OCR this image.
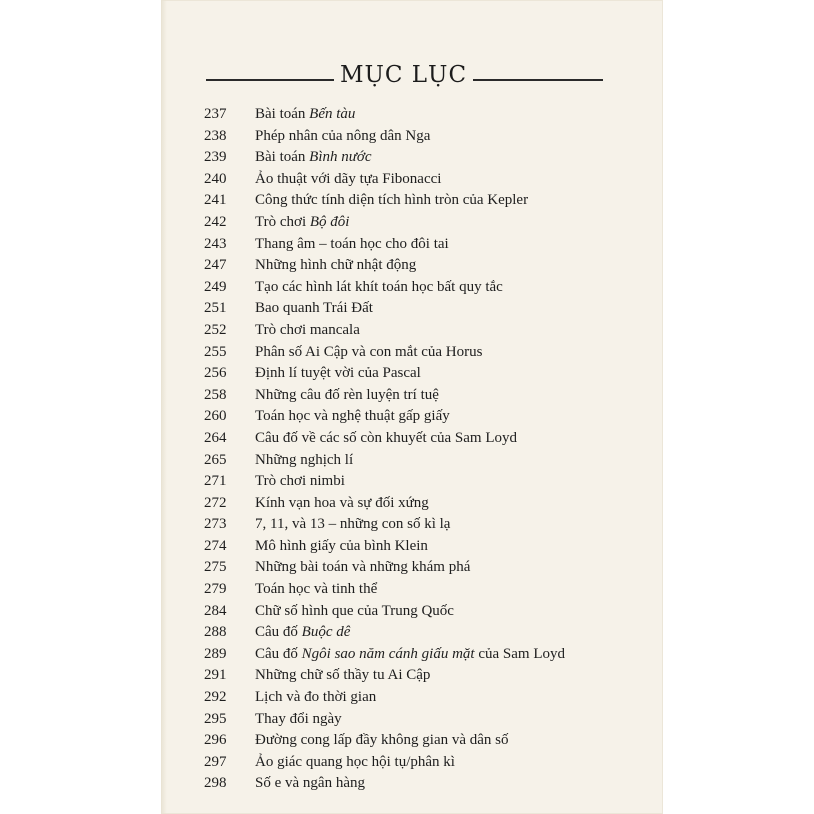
MỤC LỤC
237 Bài toán Bến tàu
238 Phép nhân của nông dân Nga
239 Bài toán Bình nước
240 Ảo thuật với dãy tựa Fibonacci
241 Công thức tính diện tích hình tròn của Kepler
242 Trò chơi Bộ đôi
243 Thang âm – toán học cho đôi tai
247 Những hình chữ nhật động
249 Tạo các hình lát khít toán học bất quy tắc
251 Bao quanh Trái Đất
252 Trò chơi mancala
255 Phân số Ai Cập và con mắt của Horus
256 Định lí tuyệt vời của Pascal
258 Những câu đố rèn luyện trí tuệ
260 Toán học và nghệ thuật gấp giấy
264 Câu đố về các số còn khuyết của Sam Loyd
265 Những nghịch lí
271 Trò chơi nimbi
272 Kính vạn hoa và sự đối xứng
273 7, 11, và 13 – những con số kì lạ
274 Mô hình giấy của bình Klein
275 Những bài toán và những khám phá
279 Toán học và tinh thể
284 Chữ số hình que của Trung Quốc
288 Câu đố Buộc dê
289 Câu đố Ngôi sao năm cánh giấu mặt của Sam Loyd
291 Những chữ số thầy tu Ai Cập
292 Lịch và đo thời gian
295 Thay đổi ngày
296 Đường cong lấp đầy không gian và dân số
297 Ảo giác quang học hội tụ/phân kì
298 Số e và ngân hàng
